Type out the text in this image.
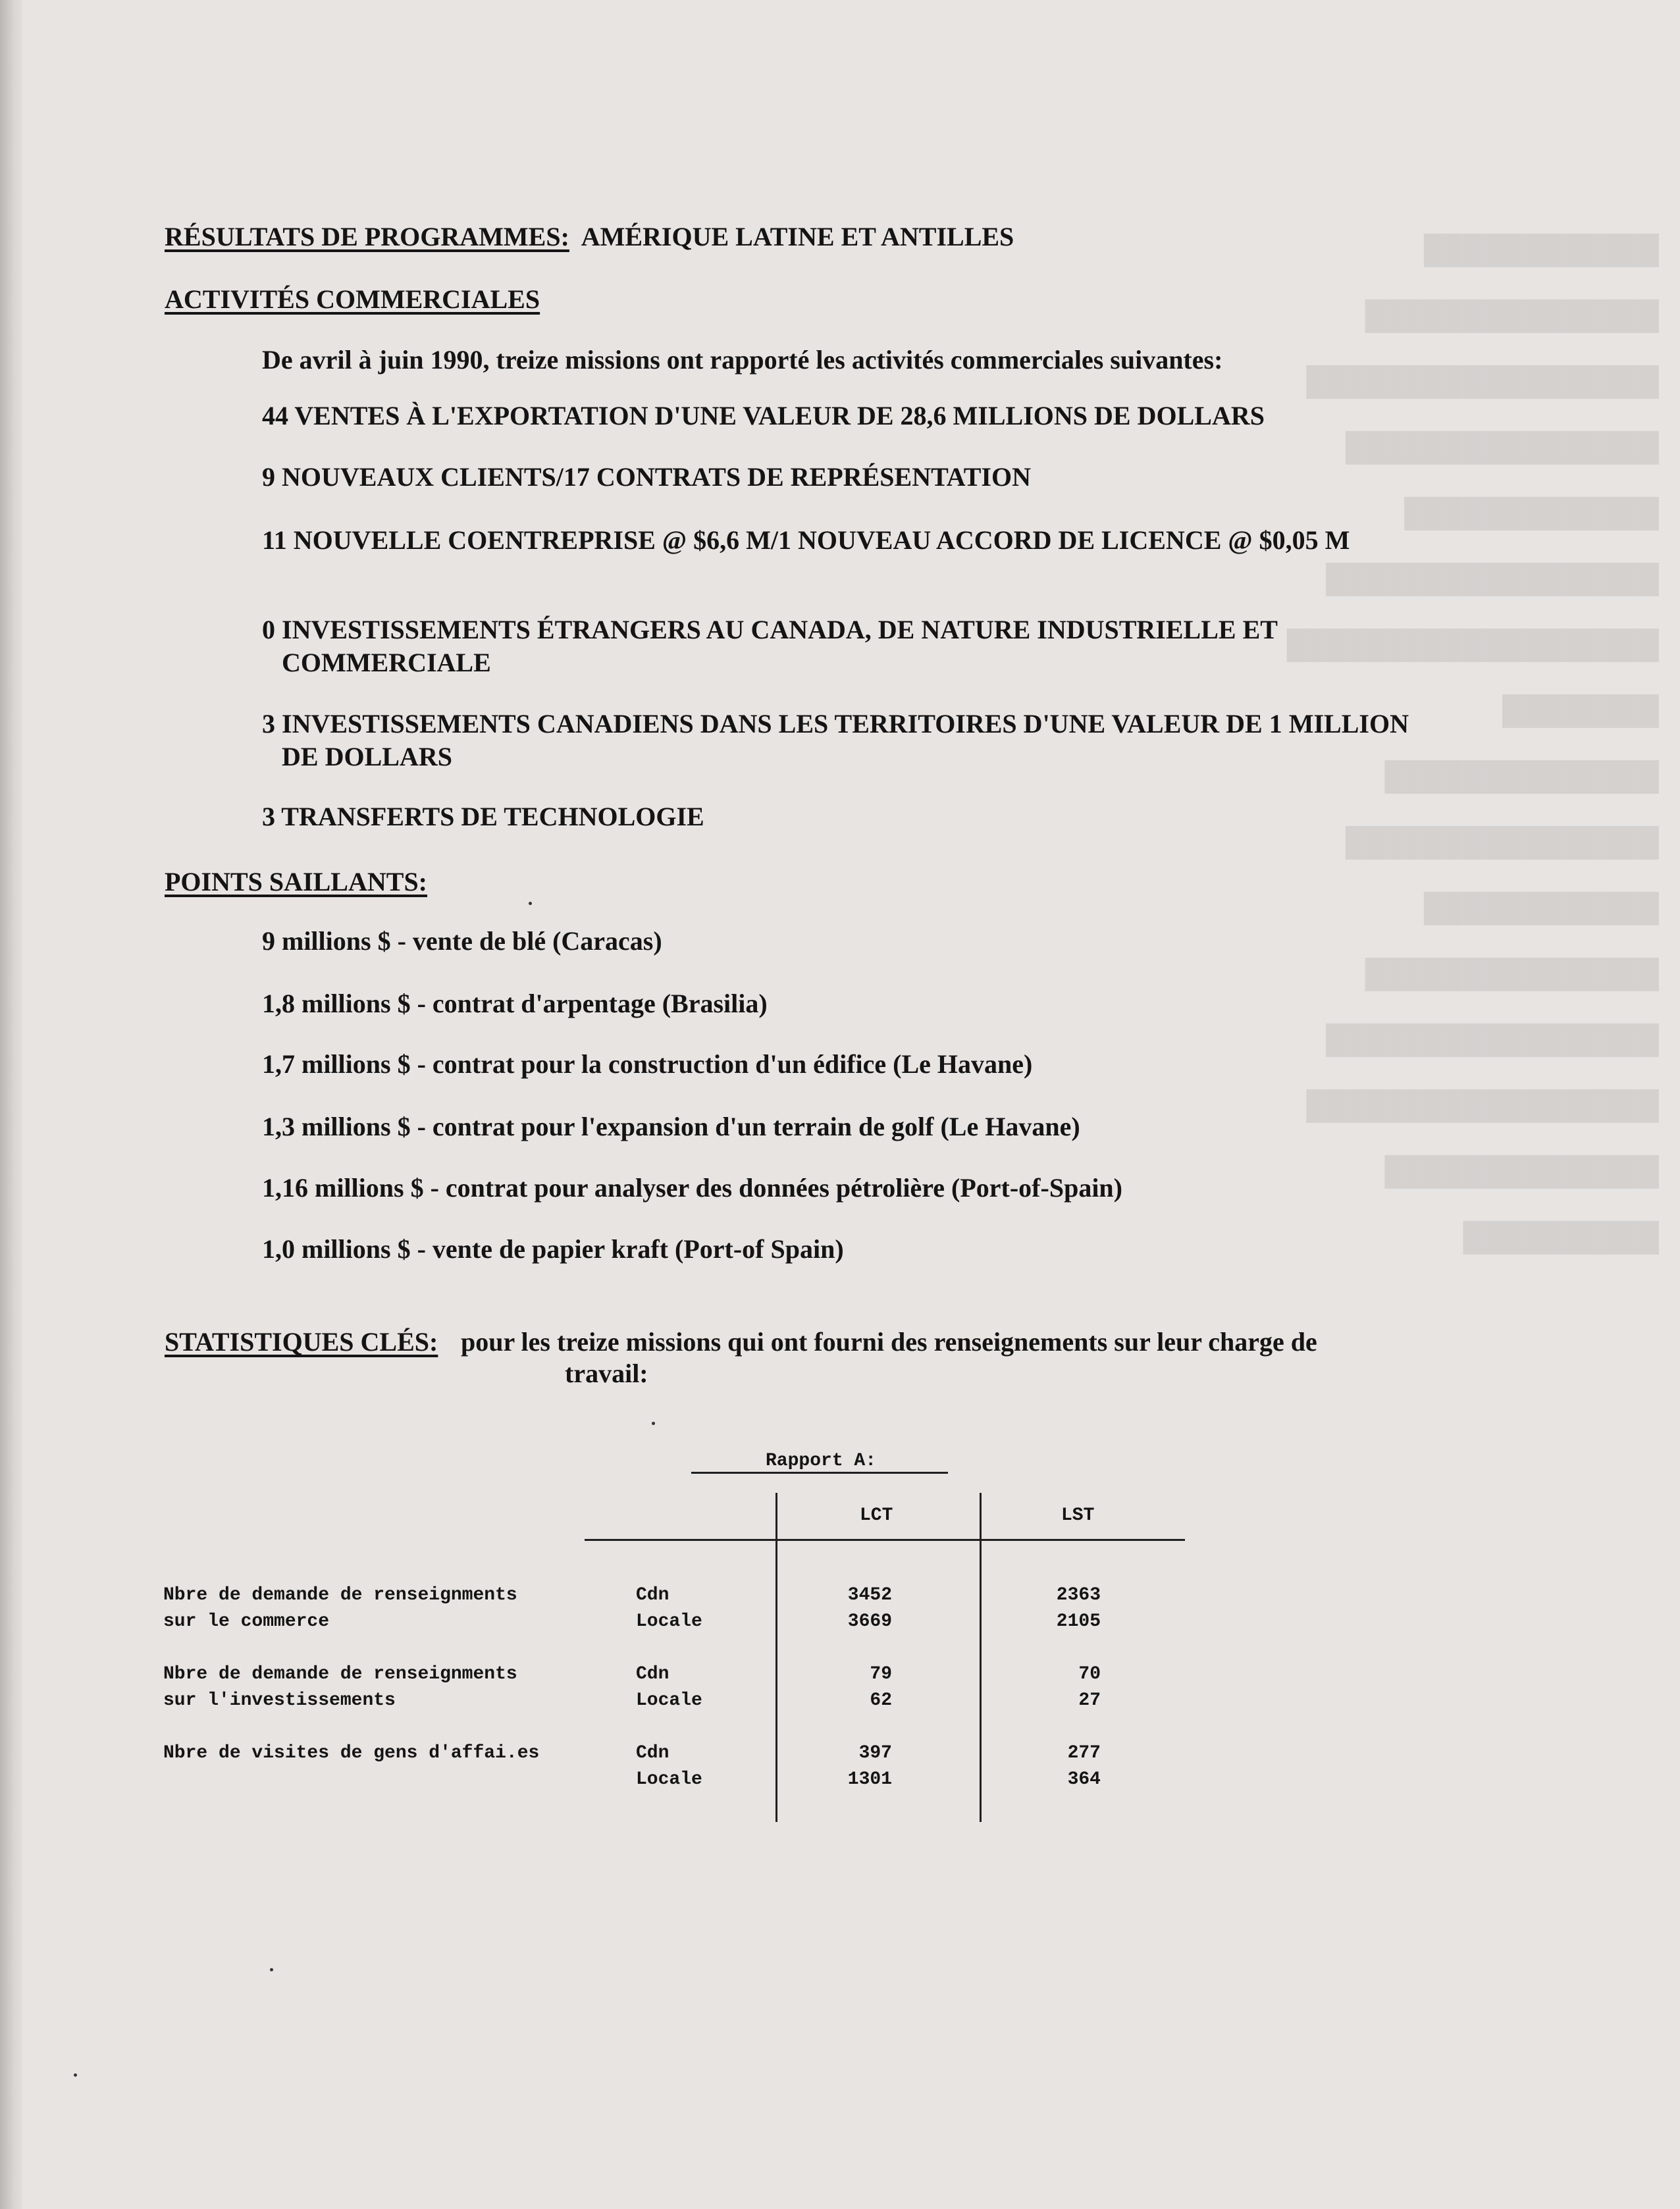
████████████
███████████████
██████████████████
████████████████
█████████████
█████████████████
███████████████████
████████
██████████████
████████████████
████████████
███████████████
█████████████████
██████████████████
██████████████
██████████
RÉSULTATS DE PROGRAMMES: AMÉRIQUE LATINE ET ANTILLES
ACTIVITÉS COMMERCIALES
De avril à juin 1990, treize missions ont rapporté les activités commerciales suivantes:
44 VENTES À L'EXPORTATION D'UNE VALEUR DE 28,6 MILLIONS DE DOLLARS
9 NOUVEAUX CLIENTS/17 CONTRATS DE REPRÉSENTATION
11 NOUVELLE COENTREPRISE @ $6,6 M/1 NOUVEAU ACCORD DE LICENCE @ $0,05 M
0 INVESTISSEMENTS ÉTRANGERS AU CANADA, DE NATURE INDUSTRIELLE ET COMMERCIALE
3 INVESTISSEMENTS CANADIENS DANS LES TERRITOIRES D'UNE VALEUR DE 1 MILLION DE DOLLARS
3 TRANSFERTS DE TECHNOLOGIE
POINTS SAILLANTS:
9 millions $ - vente de blé (Caracas)
1,8 millions $ - contrat d'arpentage (Brasilia)
1,7 millions $ - contrat pour la construction d'un édifice (Le Havane)
1,3 millions $ - contrat pour l'expansion d'un terrain de golf (Le Havane)
1,16 millions $ - contrat pour analyser des données pétrolière (Port-of-Spain)
1,0 millions $ - vente de papier kraft (Port-of Spain)
STATISTIQUES CLÉS: pour les treize missions qui ont fourni des renseignements sur leur charge de
travail:
Rapport A:
LCT	LST
Nbre de demande de renseignments
sur le commerce
Cdn
Locale
3452
3669
2363
2105
Nbre de demande de renseignments
sur l'investissements
Cdn
Locale
79
62
70
27
Nbre de visites de gens d'affai.es	Cdn
Locale
397
1301
277
364
